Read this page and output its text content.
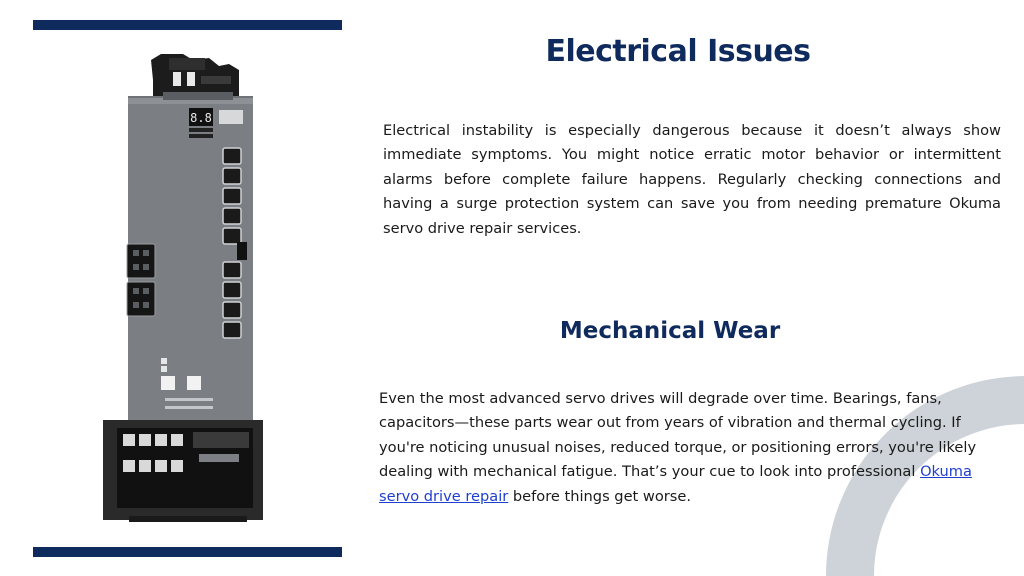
8.8
Electrical Issues
Electrical instability is especially dangerous because it doesn’t always show immediate symptoms. You might notice erratic motor behavior or intermittent alarms before complete failure happens. Regularly checking connections and having a surge protection system can save you from needing premature Okuma servo drive repair services.
Mechanical Wear
Even the most advanced servo drives will degrade over time. Bearings, fans, capacitors—these parts wear out from years of vibration and thermal cycling. If you're noticing unusual noises, reduced torque, or positioning errors, you're likely dealing with mechanical fatigue. That’s your cue to look into professional Okuma servo drive repair before things get worse.
